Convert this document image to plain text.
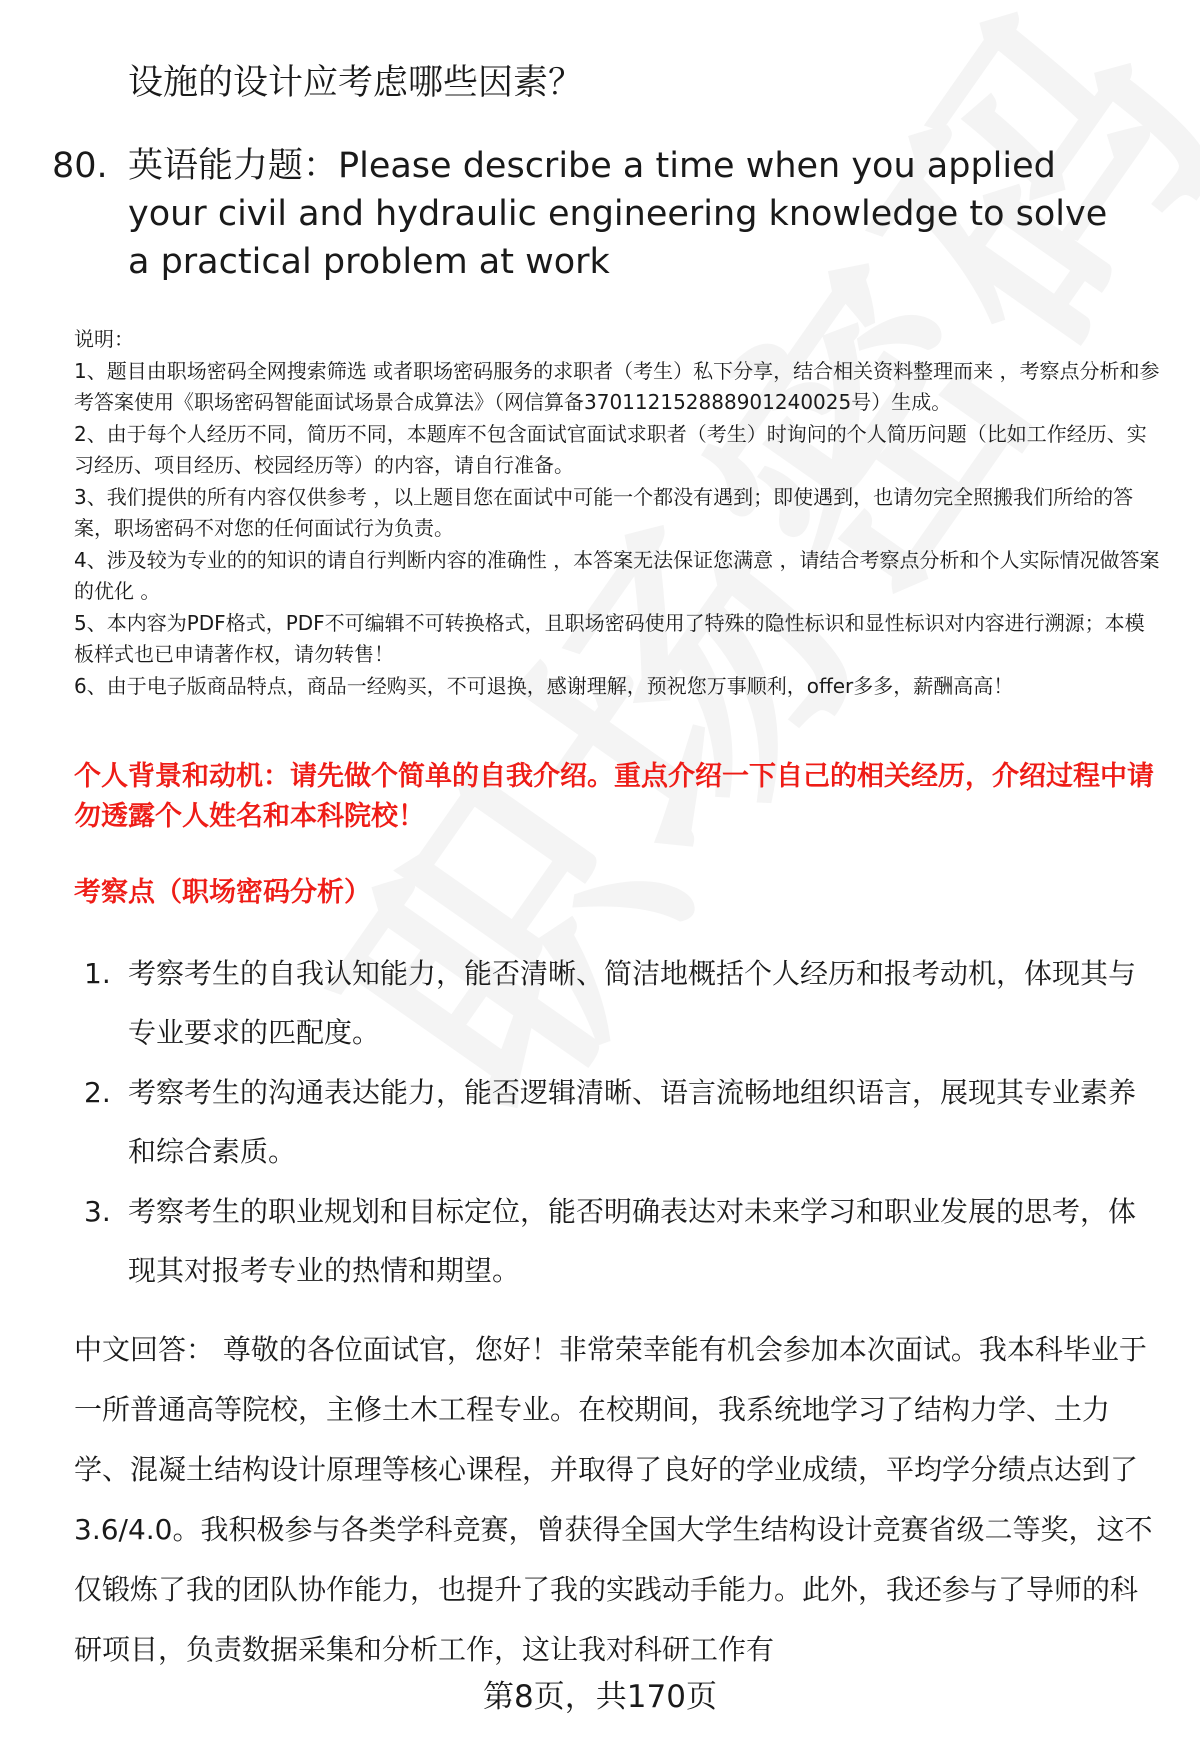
设施的设计应考虑哪些因素？

80. 英语能力题：Please describe a time when you applied your civil and hydraulic engineering knowledge to solve a practical problem at work

说明：

1、题目由职场密码全网搜索筛选 或者职场密码服务的求职者（考生）私下分享，结合相关资料整理而来 ，考察点分析和参考答案使用《职场密码智能面试场景合成算法》（网信算备370112152888901240025号）生成。

2、由于每个人经历不同，简历不同，本题库不包含面试官面试求职者（考生）时询问的个人简历问题（比如工作经历、实习经历、项目经历、校园经历等）的内容，请自行准备。

3、我们提供的所有内容仅供参考 ，以上题目您在面试中可能一个都没有遇到；即使遇到，也请勿完全照搬我们所给的答案，职场密码不对您的任何面试行为负责。

4、涉及较为专业的的知识的请自行判断内容的准确性 ，本答案无法保证您满意 ，请结合考察点分析和个人实际情况做答案的优化 。

5、本内容为PDF格式，PDF不可编辑不可转换格式，且职场密码使用了特殊的隐性标识和显性标识对内容进行溯源；本模板样式也已申请著作权，请勿转售！

6、由于电子版商品特点，商品一经购买，不可退换，感谢理解，预祝您万事顺利，offer多多，薪酬高高！

个人背景和动机：请先做个简单的自我介绍。重点介绍一下自己的相关经历，介绍过程中请勿透露个人姓名和本科院校！

考察点（职场密码分析）

1. 考察考生的自我认知能力，能否清晰、简洁地概括个人经历和报考动机，体现其与专业要求的匹配度。
2. 考察考生的沟通表达能力，能否逻辑清晰、语言流畅地组织语言，展现其专业素养和综合素质。
3. 考察考生的职业规划和目标定位，能否明确表达对未来学习和职业发展的思考，体现其对报考专业的热情和期望。

中文回答： 尊敬的各位面试官，您好！非常荣幸能有机会参加本次面试。我本科毕业于一所普通高等院校，主修土木工程专业。在校期间，我系统地学习了结构力学、土力学、混凝土结构设计原理等核心课程，并取得了良好的学业成绩，平均学分绩点达到了3.6/4.0。我积极参与各类学科竞赛，曾获得全国大学生结构设计竞赛省级二等奖，这不仅锻炼了我的团队协作能力，也提升了我的实践动手能力。此外，我还参与了导师的科研项目，负责数据采集和分析工作，这让我对科研工作有

第8页，共170页
